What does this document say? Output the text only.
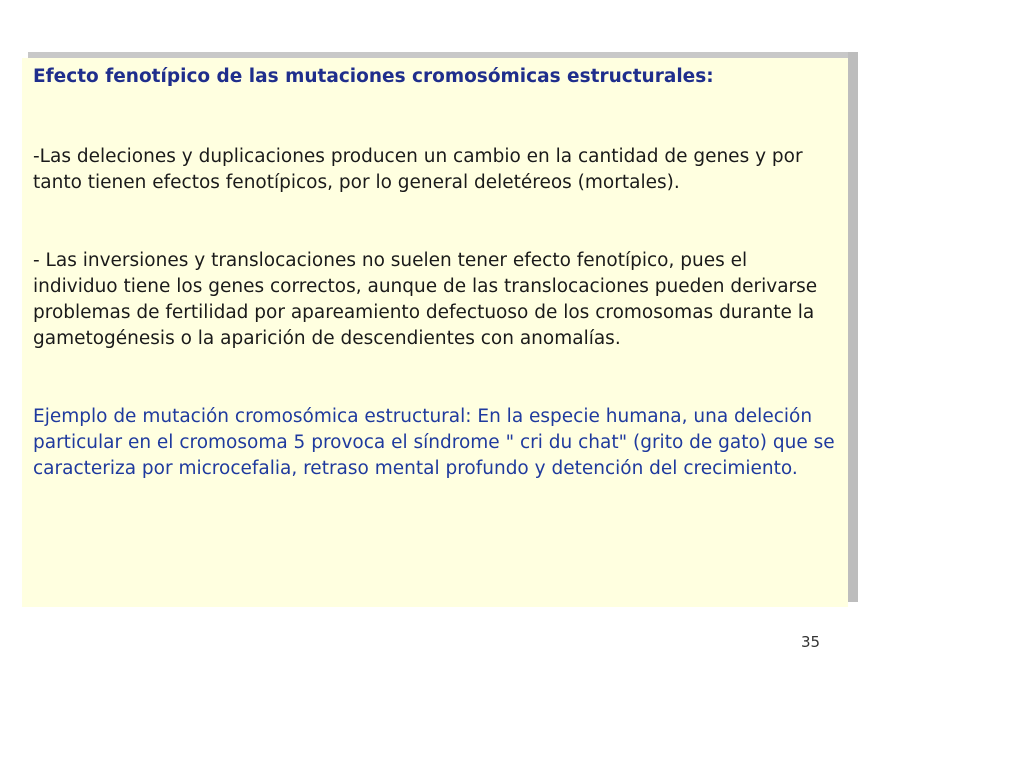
Efecto fenotípico de las mutaciones cromosómicas estructurales:

-Las deleciones y duplicaciones producen un cambio en la cantidad de genes y por tanto tienen efectos fenotípicos, por lo general deletéreos (mortales).

- Las inversiones y translocaciones no suelen tener efecto fenotípico, pues el individuo tiene los genes correctos, aunque de las translocaciones pueden derivarse problemas de fertilidad por apareamiento defectuoso de los cromosomas durante la gametogénesis o la aparición de descendientes con anomalías.

Ejemplo de mutación cromosómica estructural: En la especie humana, una deleción particular en el cromosoma 5 provoca el síndrome " cri du chat" (grito de gato) que se caracteriza por microcefalia, retraso mental profundo y detención del crecimiento.

35
